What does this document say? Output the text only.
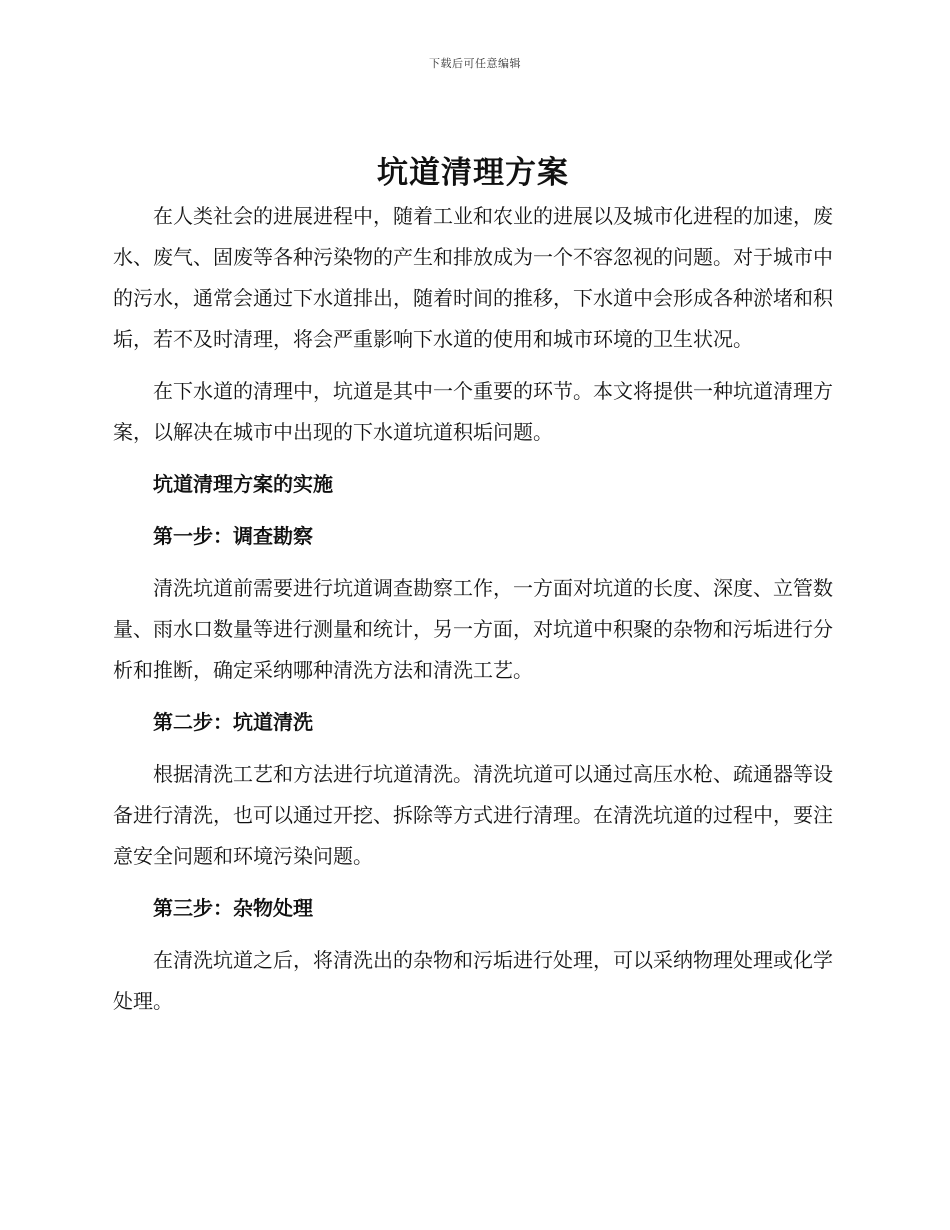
下载后可任意编辑
坑道清理方案

在人类社会的进展进程中，随着工业和农业的进展以及城市化进程的加速，废水、废气、固废等各种污染物的产生和排放成为一个不容忽视的问题。对于城市中的污水，通常会通过下水道排出，随着时间的推移，下水道中会形成各种淤堵和积垢，若不及时清理，将会严重影响下水道的使用和城市环境的卫生状况。

在下水道的清理中，坑道是其中一个重要的环节。本文将提供一种坑道清理方案，以解决在城市中出现的下水道坑道积垢问题。

坑道清理方案的实施

第一步：调查勘察

清洗坑道前需要进行坑道调查勘察工作，一方面对坑道的长度、深度、立管数量、雨水口数量等进行测量和统计，另一方面，对坑道中积聚的杂物和污垢进行分析和推断，确定采纳哪种清洗方法和清洗工艺。

第二步：坑道清洗

根据清洗工艺和方法进行坑道清洗。清洗坑道可以通过高压水枪、疏通器等设备进行清洗，也可以通过开挖、拆除等方式进行清理。在清洗坑道的过程中，要注意安全问题和环境污染问题。

第三步：杂物处理

在清洗坑道之后，将清洗出的杂物和污垢进行处理，可以采纳物理处理或化学处理。
